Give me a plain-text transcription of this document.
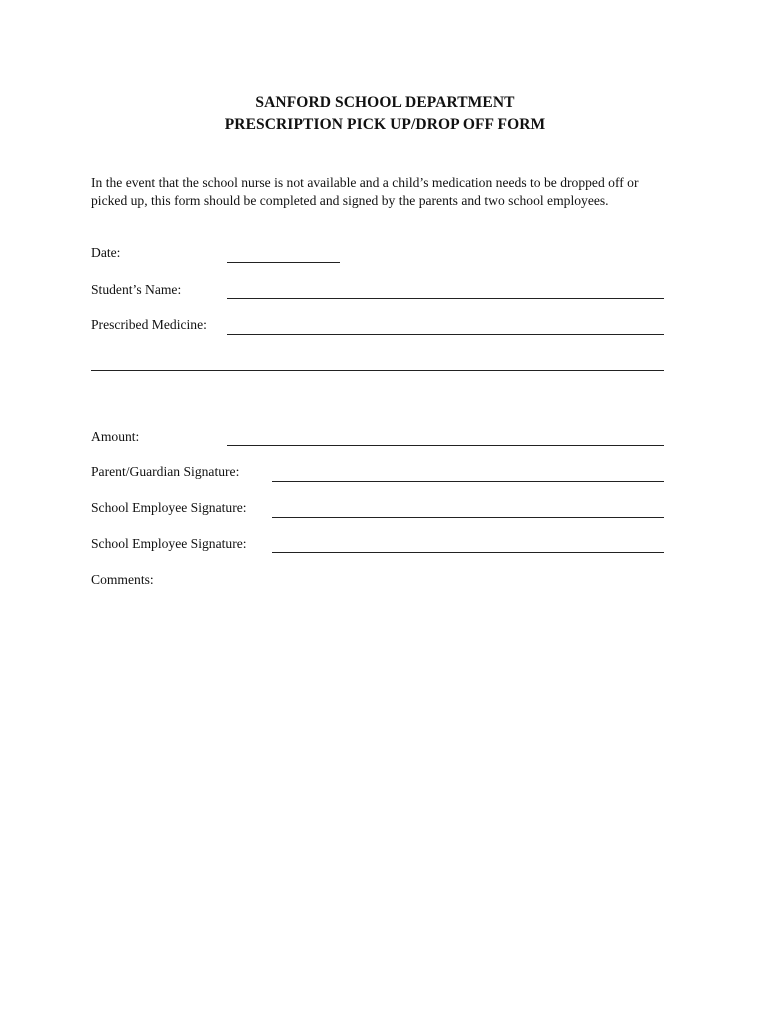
SANFORD SCHOOL DEPARTMENT
PRESCRIPTION PICK UP/DROP OFF FORM
In the event that the school nurse is not available and a child’s medication needs to be dropped off or picked up, this form should be completed and signed by the parents and two school employees.
Date:
Student’s Name:
Prescribed Medicine:
Amount:
Parent/Guardian Signature:
School Employee Signature:
School Employee Signature:
Comments:
